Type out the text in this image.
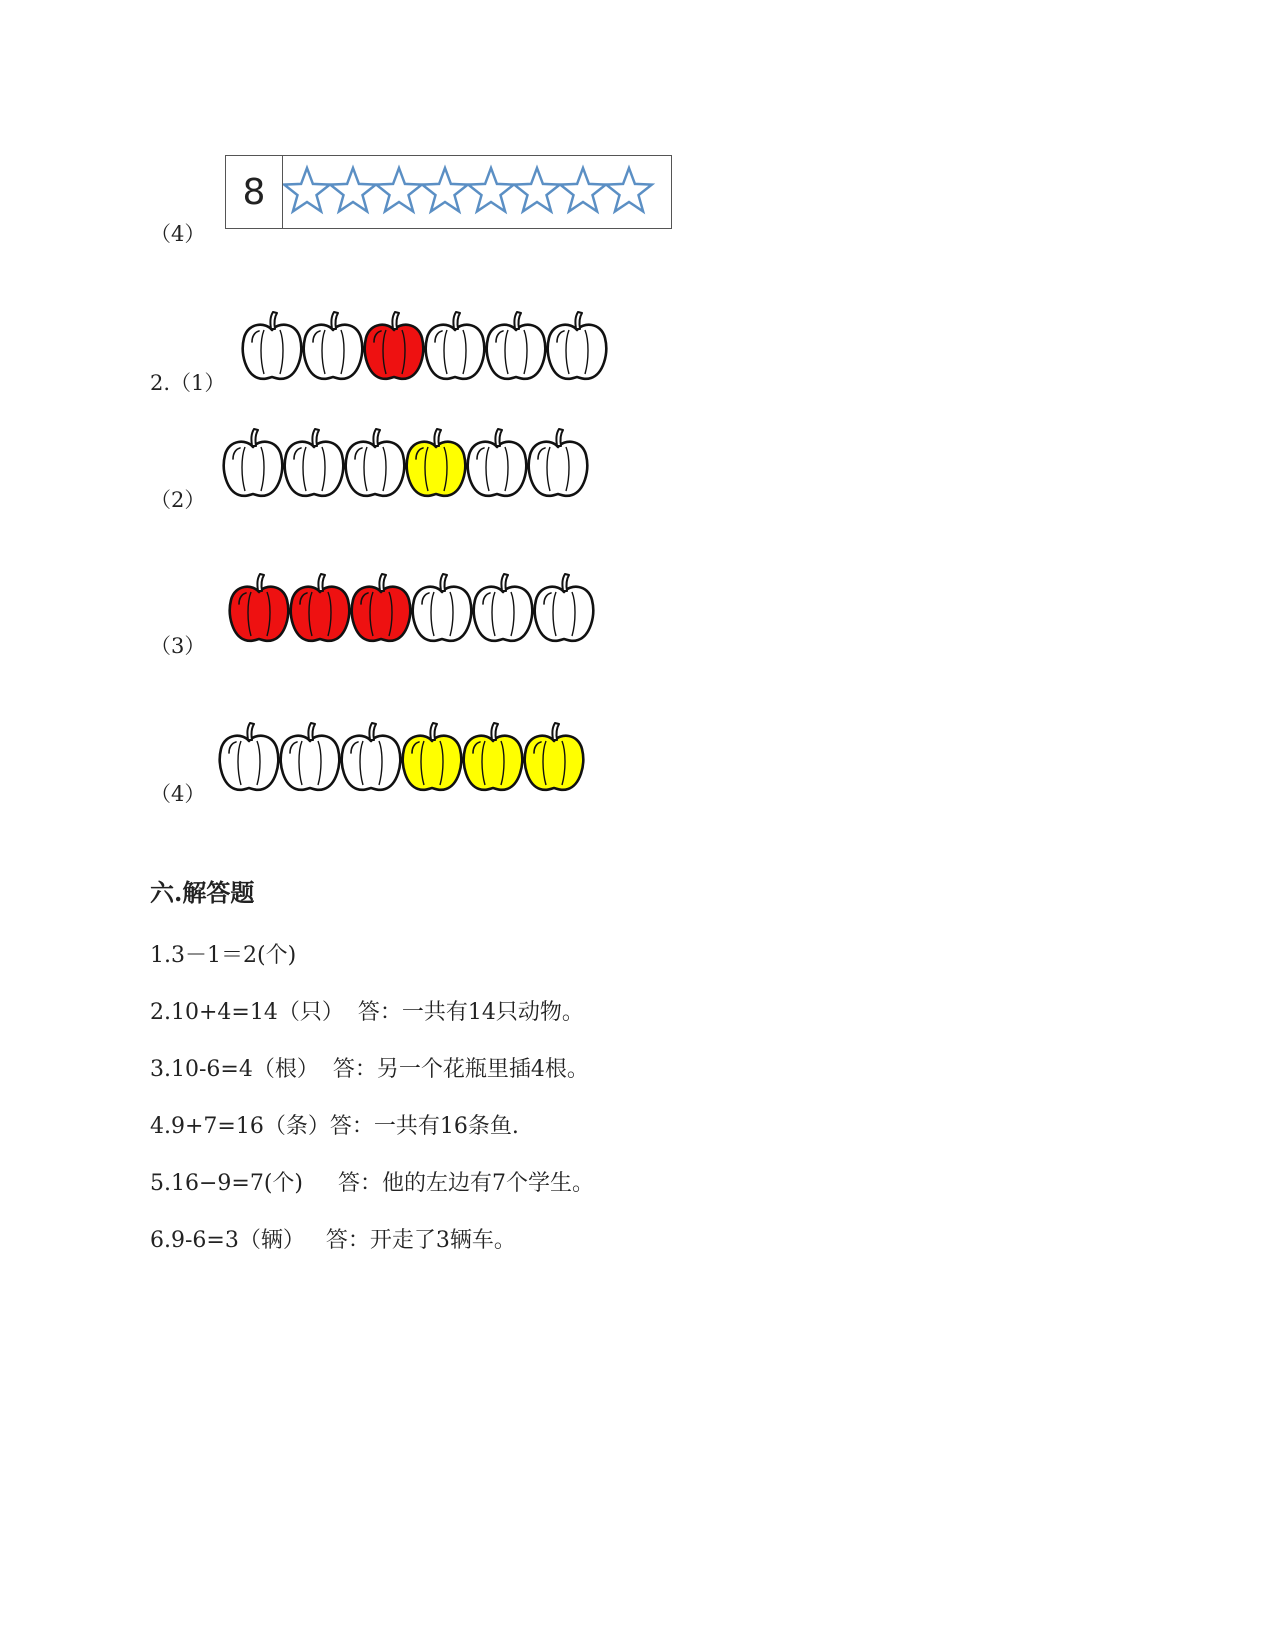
（4）
8
2.（1）
（2）
（3）
（4）
六.解答题
1.3－1＝2(个)
2.10+4=14（只）  答：一共有14只动物。
3.10-6=4（根）  答：另一个花瓶里插4根。
4.9+7=16（条）答：一共有16条鱼.
5.16−9=7(个)     答：他的左边有7个学生。
6.9-6=3（辆）   答：开走了3辆车。
